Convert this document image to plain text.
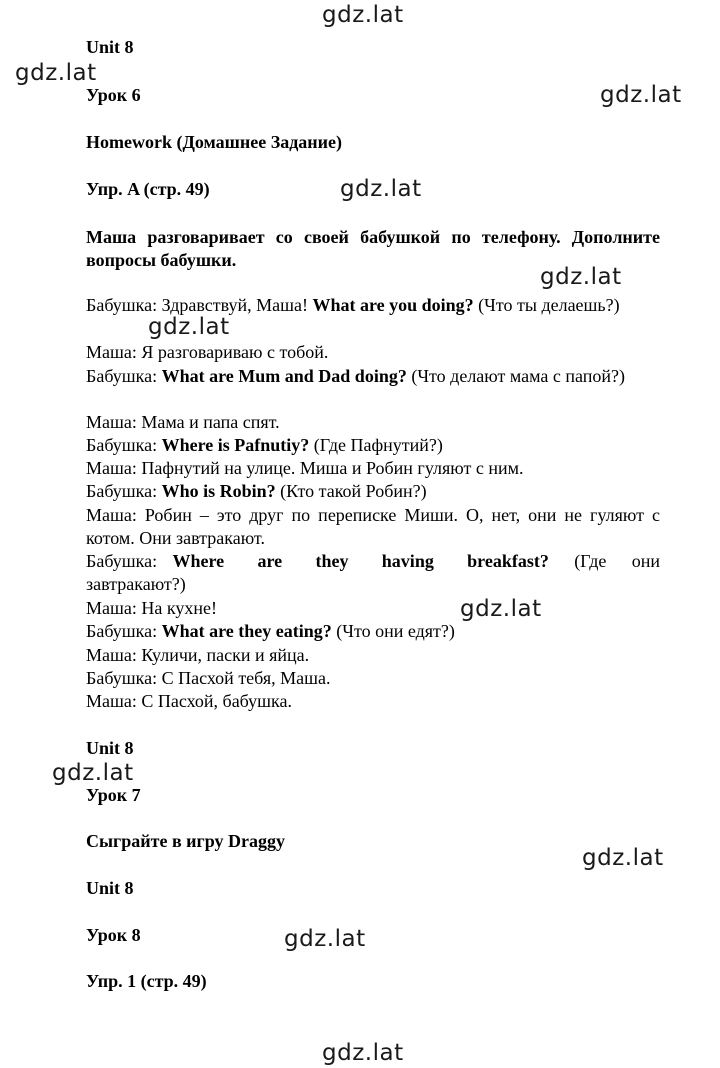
gdz.lat
gdz.lat
gdz.lat
gdz.lat
gdz.lat
gdz.lat
gdz.lat
gdz.lat
gdz.lat
gdz.lat
gdz.lat
Unit 8
Урок 6
Homework (Домашнее Задание)
Упр. A (стр. 49)
Маша разговаривает со своей бабушкой по телефону. Дополните вопросы бабушки.
Бабушка: Здравствуй, Маша! What are you doing? (Что ты делаешь?)
Маша: Я разговариваю с тобой.
Бабушка: What are Mum and Dad doing? (Что делают мама с папой?)
Маша: Мама и папа спят.
Бабушка: Where is Pafnutiy? (Где Пафнутий?)
Маша: Пафнутий на улице. Миша и Робин гуляют с ним.
Бабушка: Who is Robin? (Кто такой Робин?)
Маша: Робин – это друг по переписке Миши. О, нет, они не гуляют с котом. Они завтракают.
Бабушка: Where are they having breakfast? (Где они завтракают?)
Маша: На кухне!
Бабушка: What are they eating? (Что они едят?)
Маша: Куличи, паски и яйца.
Бабушка: С Пасхой тебя, Маша.
Маша: С Пасхой, бабушка.
Unit 8
Урок 7
Сыграйте в игру Draggy
Unit 8
Урок 8
Упр. 1 (стр. 49)
